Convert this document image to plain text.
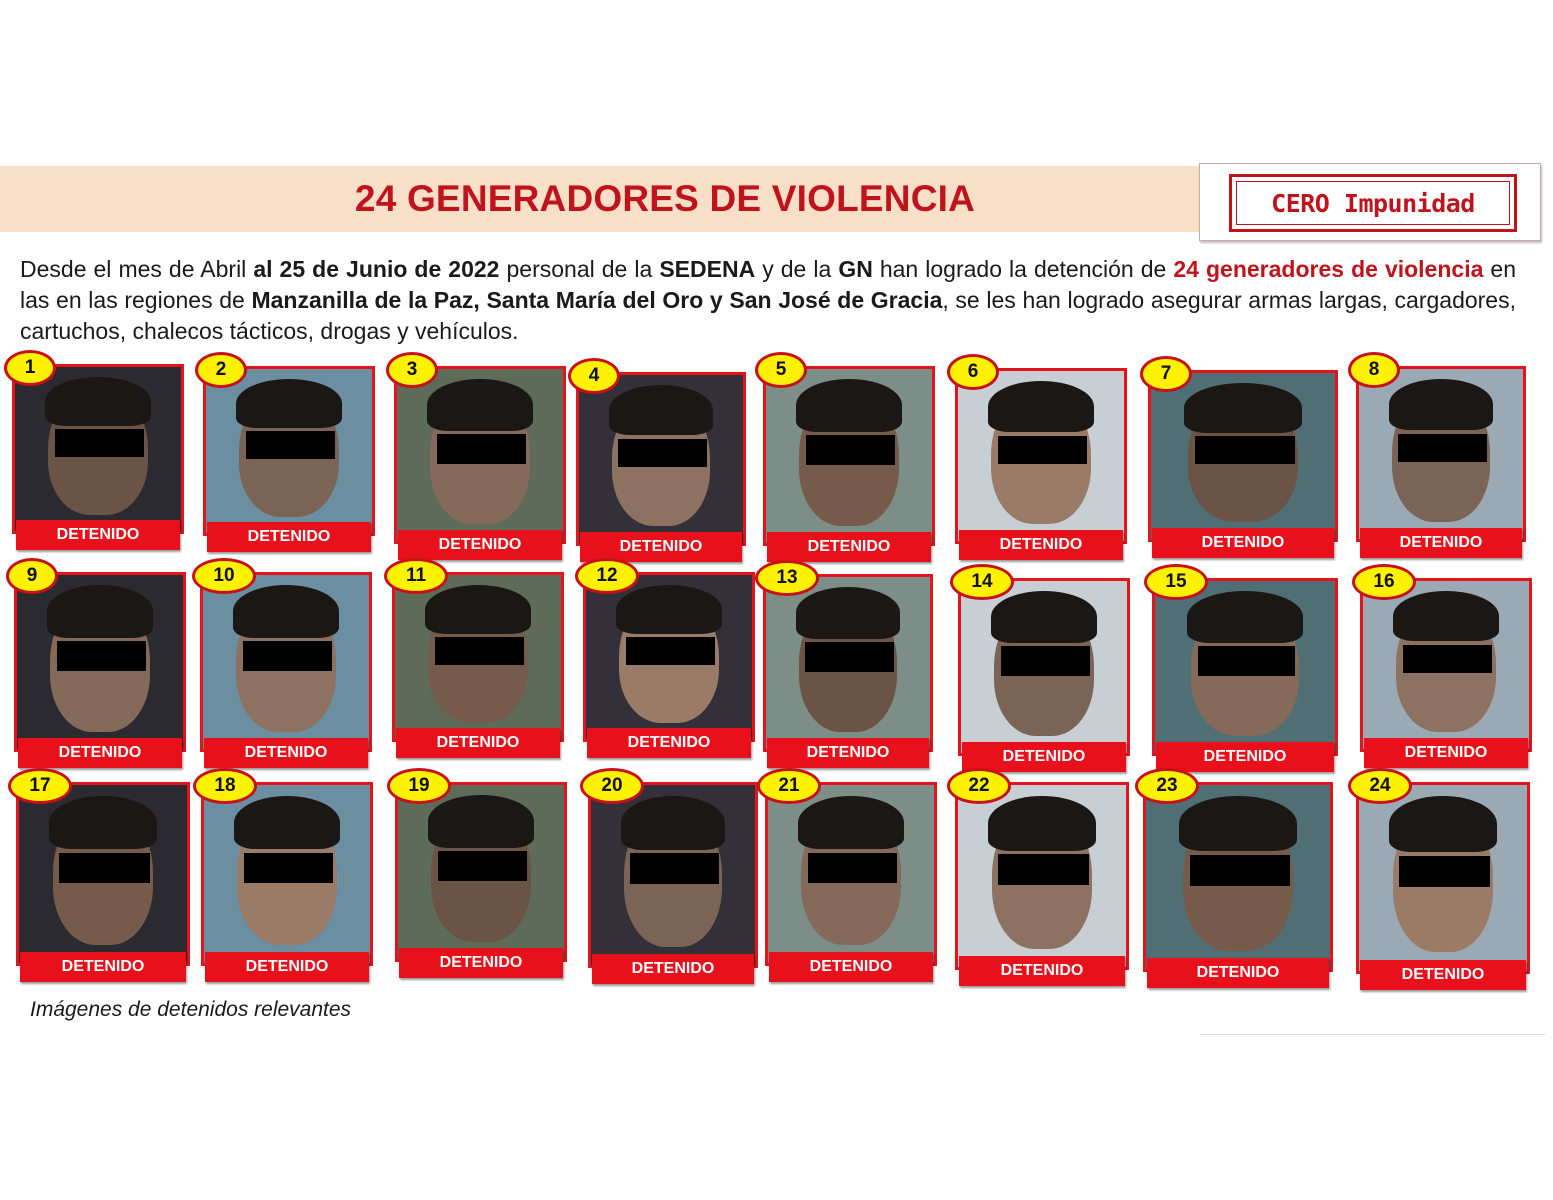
24 GENERADORES DE VIOLENCIA	CERO Impunidad
Desde el mes de Abril al 25 de Junio de 2022 personal de la SEDENA y de la GN han logrado la detención de 24 generadores de violencia en las en las regiones de Manzanilla de la Paz, Santa María del Oro y San José de Gracia, se les han logrado asegurar armas largas, cargadores, cartuchos, chalecos tácticos, drogas y vehículos.
DETENIDO
1
DETENIDO
2
DETENIDO
3
DETENIDO
4
DETENIDO
5
DETENIDO
6
DETENIDO
7
DETENIDO
8
DETENIDO
9
DETENIDO
10
DETENIDO
11
DETENIDO
12
DETENIDO
13
DETENIDO
14
DETENIDO
15
DETENIDO
16
DETENIDO
17
DETENIDO
18
DETENIDO
19
DETENIDO
20
DETENIDO
21
DETENIDO
22
DETENIDO
23
DETENIDO
24
Imágenes de detenidos relevantes
